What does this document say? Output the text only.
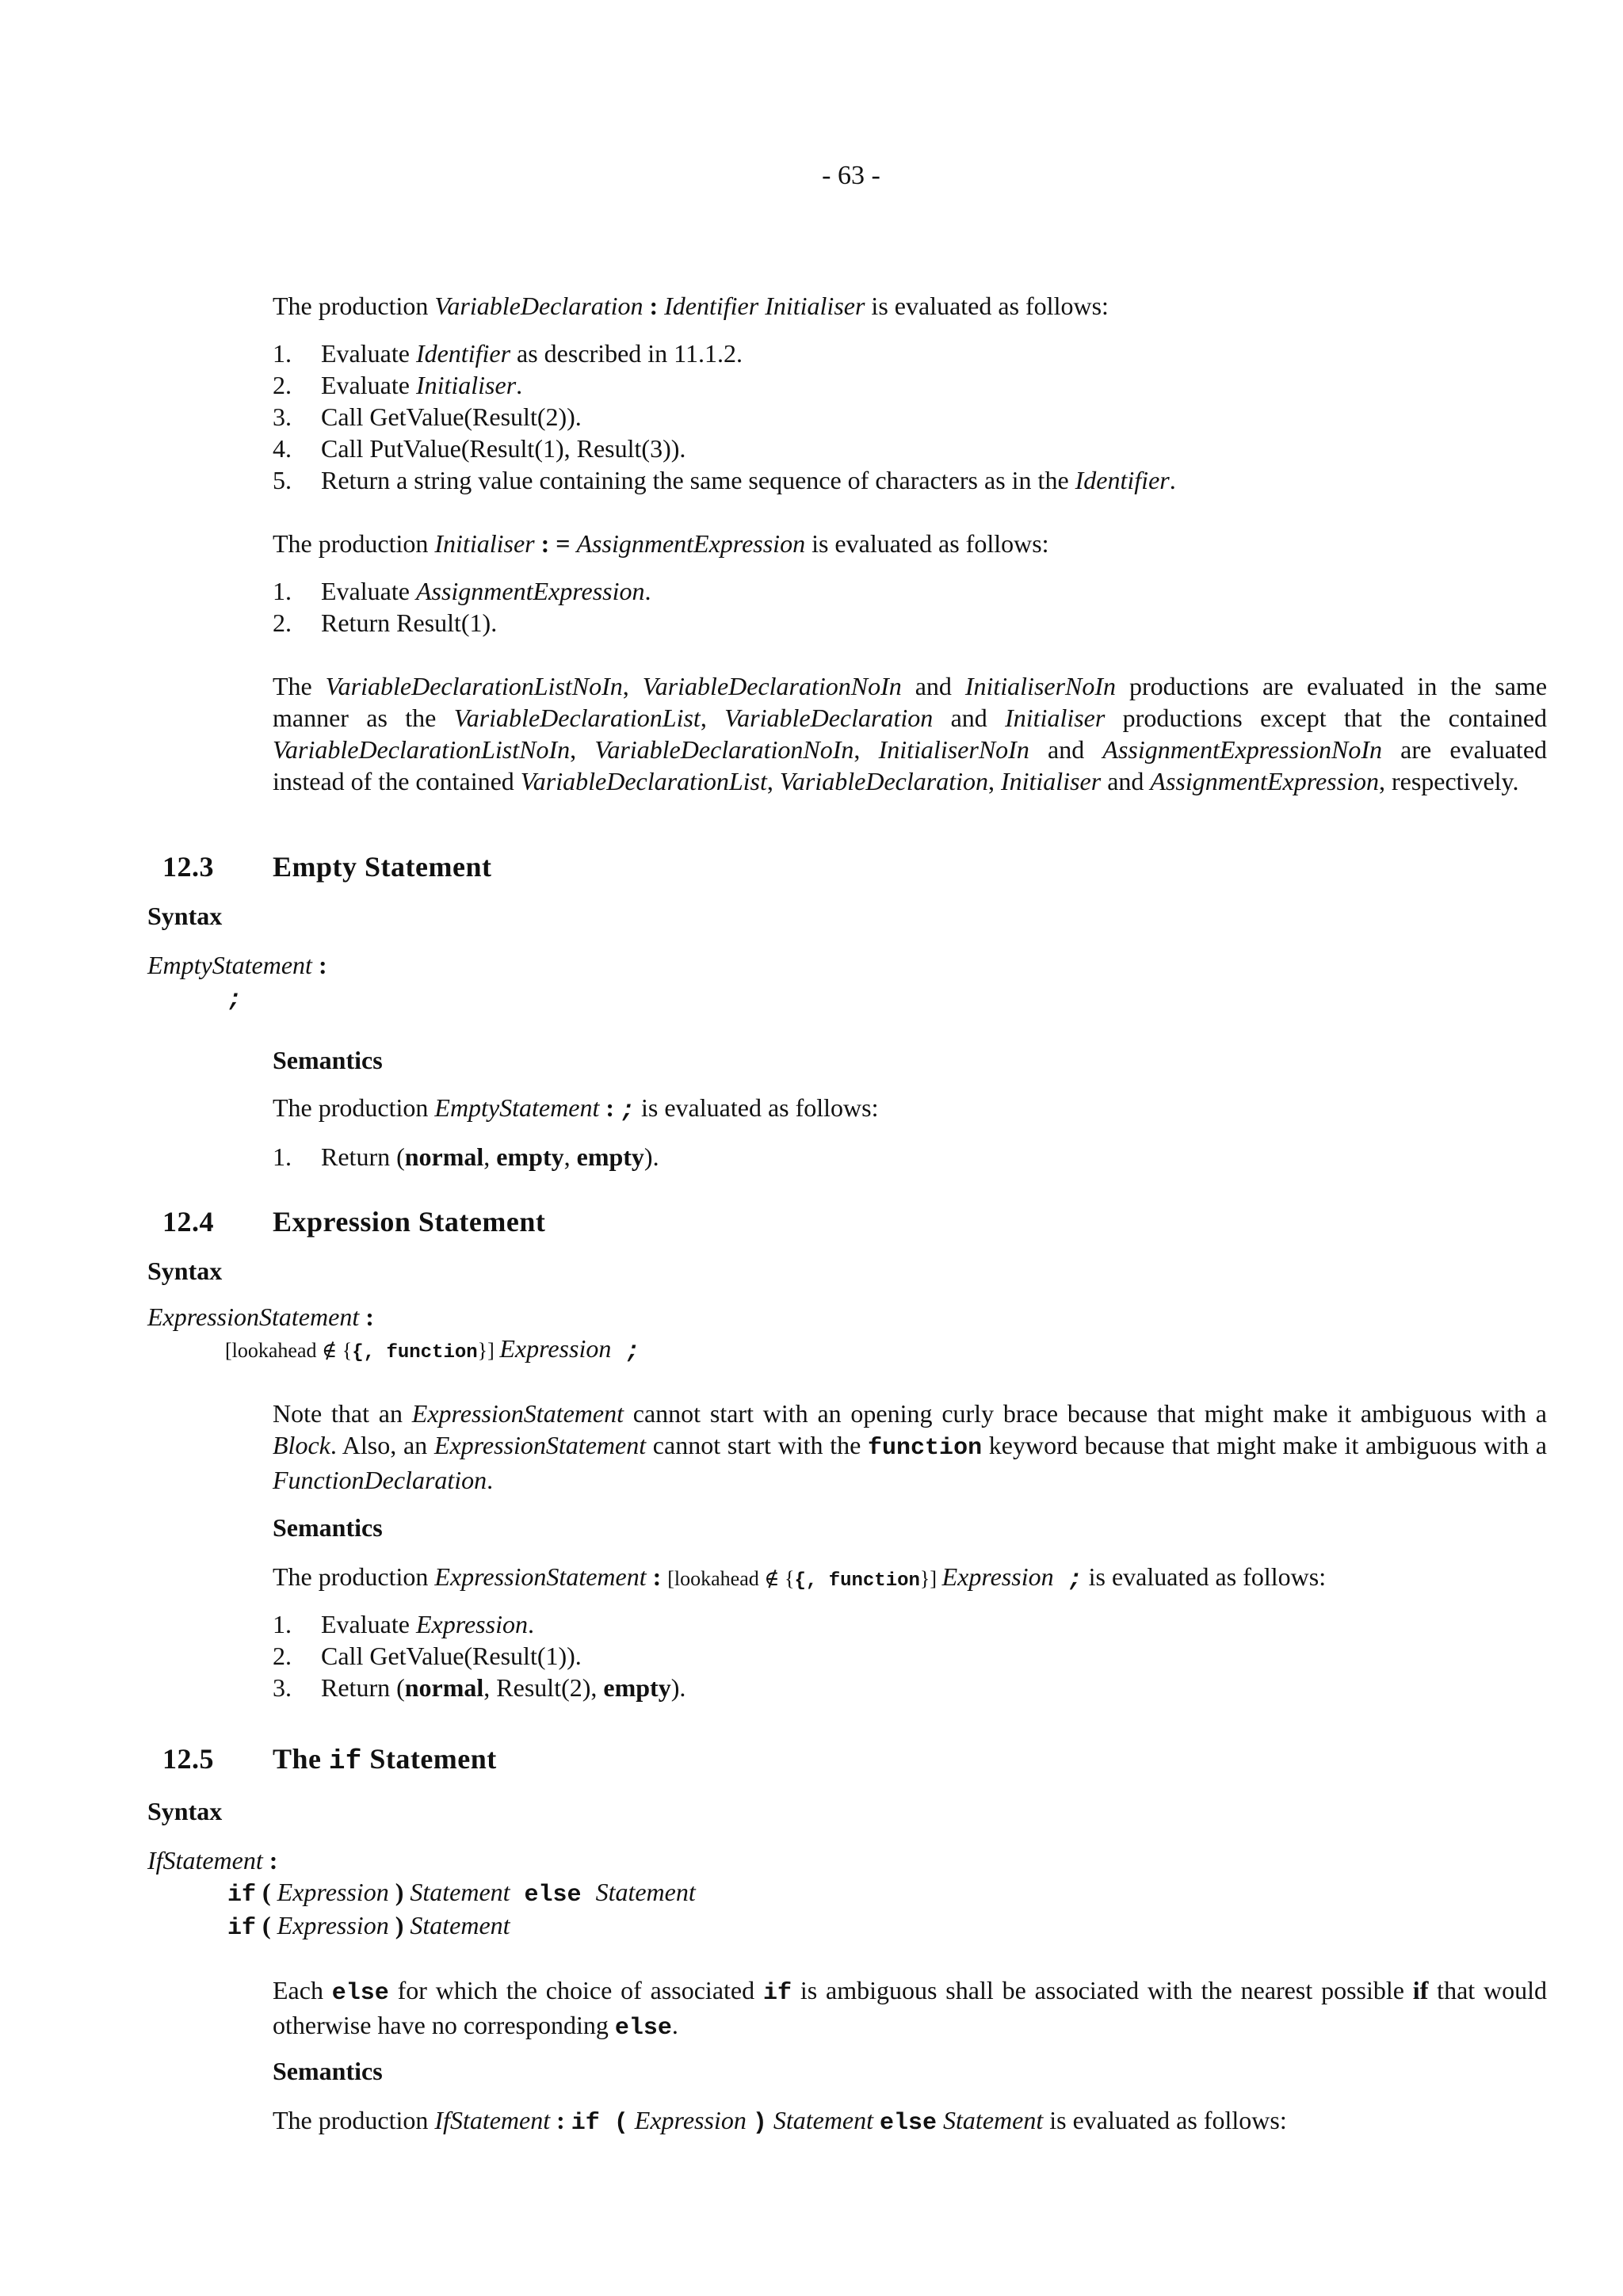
- 63 -
The production VariableDeclaration : Identifier Initialiser is evaluated as follows:
1. Evaluate Identifier as described in 11.1.2.
2. Evaluate Initialiser.
3. Call GetValue(Result(2)).
4. Call PutValue(Result(1), Result(3)).
5. Return a string value containing the same sequence of characters as in the Identifier.
The production Initialiser : = AssignmentExpression is evaluated as follows:
1. Evaluate AssignmentExpression.
2. Return Result(1).
The VariableDeclarationListNoIn, VariableDeclarationNoIn and InitialiserNoIn productions are evaluated in the same manner as the VariableDeclarationList, VariableDeclaration and Initialiser productions except that the contained VariableDeclarationListNoIn, VariableDeclarationNoIn, InitialiserNoIn and AssignmentExpressionNoIn are evaluated instead of the contained VariableDeclarationList, VariableDeclaration, Initialiser and AssignmentExpression, respectively.
12.3 Empty Statement
Syntax
EmptyStatement :
;
Semantics
The production EmptyStatement : ; is evaluated as follows:
1. Return (normal, empty, empty).
12.4 Expression Statement
Syntax
ExpressionStatement :
[lookahead ∉ {{, function}] Expression ;
Note that an ExpressionStatement cannot start with an opening curly brace because that might make it ambiguous with a Block. Also, an ExpressionStatement cannot start with the function keyword because that might make it ambiguous with a FunctionDeclaration.
Semantics
The production ExpressionStatement : [lookahead ∉ {{, function}] Expression ; is evaluated as follows:
1. Evaluate Expression.
2. Call GetValue(Result(1)).
3. Return (normal, Result(2), empty).
12.5 The if Statement
Syntax
IfStatement :
if ( Expression ) Statement else Statement
if ( Expression ) Statement
Each else for which the choice of associated if is ambiguous shall be associated with the nearest possible if that would otherwise have no corresponding else.
Semantics
The production IfStatement : if ( Expression ) Statement else Statement is evaluated as follows:
